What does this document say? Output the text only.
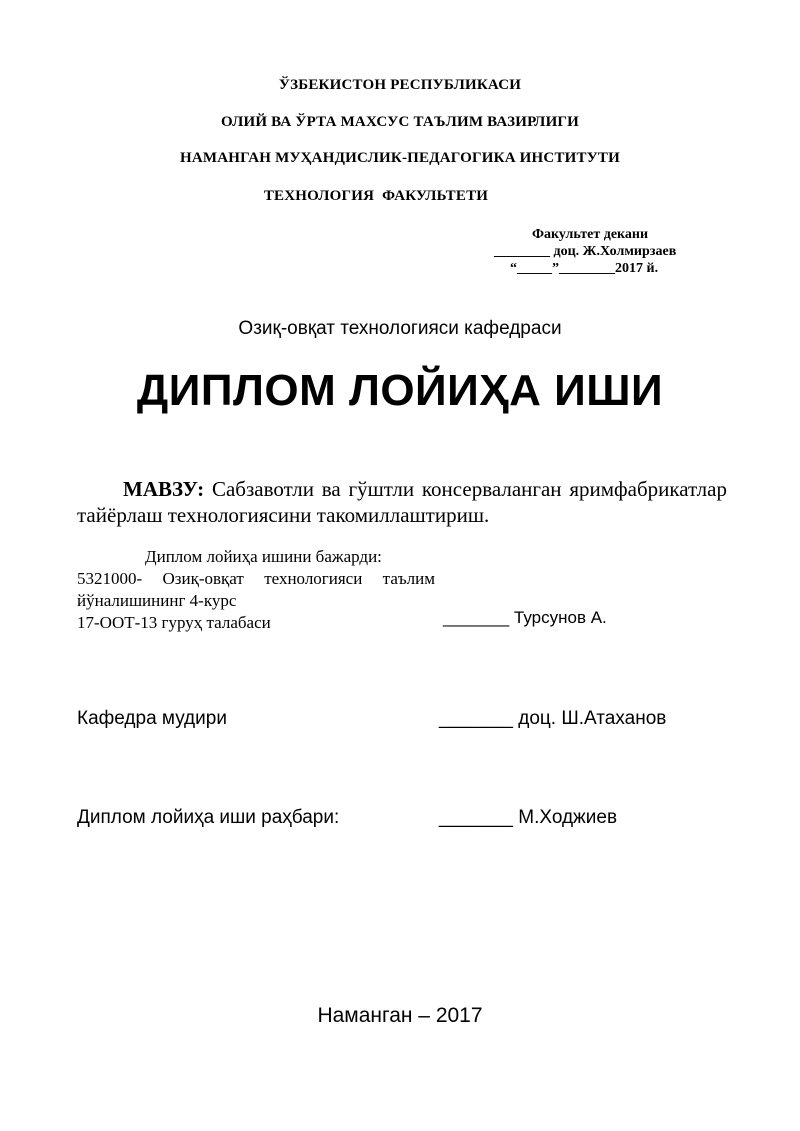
ЎЗБЕКИСТОН РЕСПУБЛИКАСИ
ОЛИЙ ВА ЎРТА МАХСУС ТАЪЛИМ ВАЗИРЛИГИ
НАМАНГАН МУҲАНДИСЛИК-ПЕДАГОГИКА ИНСТИТУТИ
ТЕХНОЛОГИЯ ФАКУЛЬТЕТИ
Факультет декани
________ доц. Ж.Холмирзаев
“_____”________2017 й.
Озиқ-овқат технологияси кафедраси
ДИПЛОМ ЛОЙИҲА ИШИ
МАВЗУ: Сабзавотли ва гўштли консерваланган яримфабрикатлар тайёрлаш технологиясини такомиллаштириш.
Диплом лойиҳа ишини бажарди:
5321000- Озиқ-овқат технологияси таълим йўналишининг 4-курс
17-ООТ-13 гуруҳ талабаси	_______ Турсунов А.
Кафедра мудири	_______ доц. Ш.Атаханов
Диплом лойиҳа иши раҳбари:	_______ М.Ходжиев
Наманган – 2017
